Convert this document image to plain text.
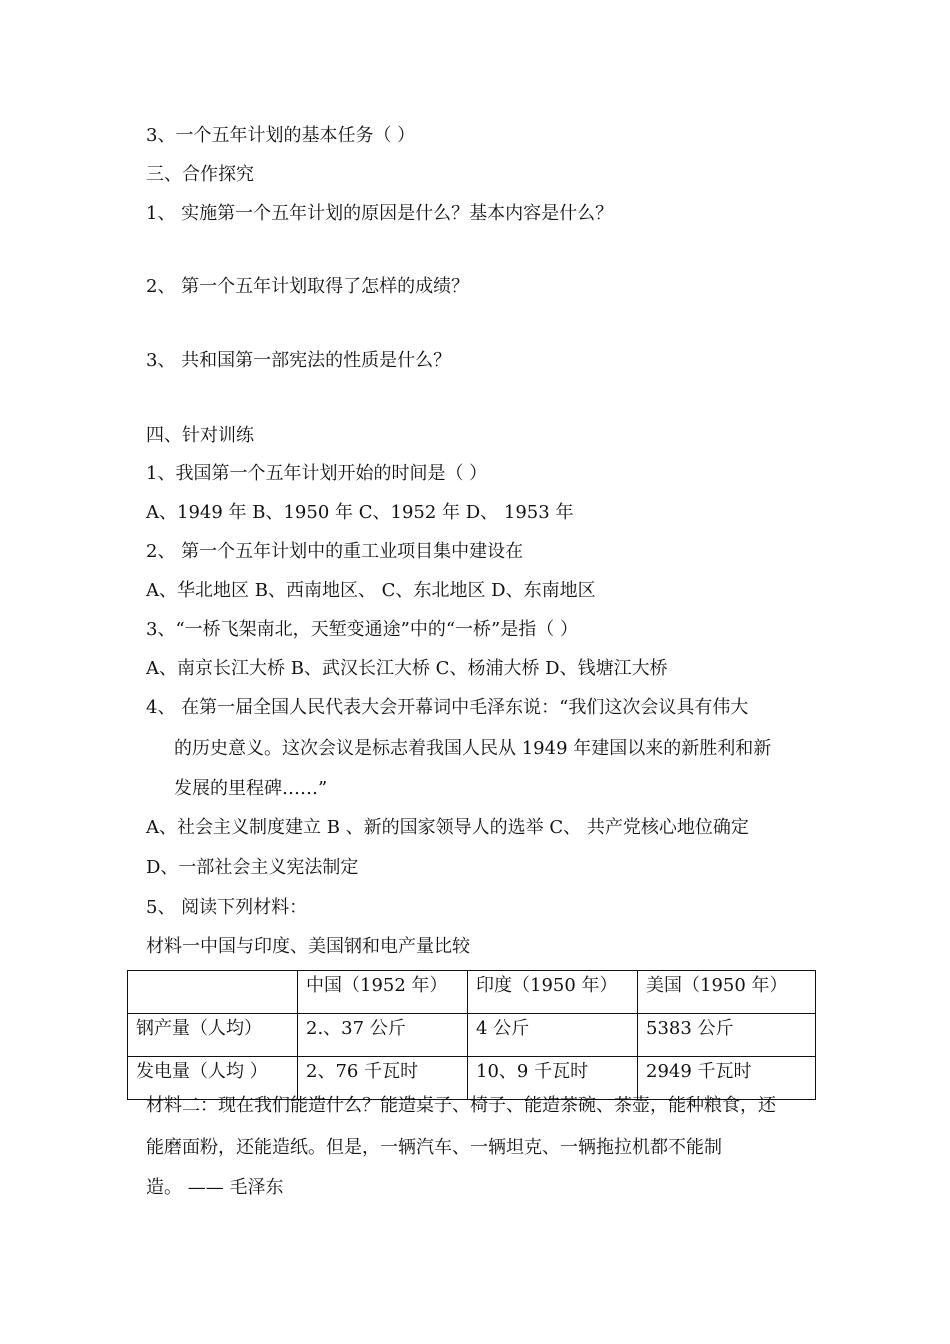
3、一个五年计划的基本任务（ ）
三、合作探究
1、 实施第一个五年计划的原因是什么？基本内容是什么？
2、 第一个五年计划取得了怎样的成绩？
3、 共和国第一部宪法的性质是什么？
四、针对训练
1、我国第一个五年计划开始的时间是（ ）
A、1949 年 B、1950 年 C、1952 年 D、 1953 年
2、 第一个五年计划中的重工业项目集中建设在
A、华北地区 B、西南地区、 C、东北地区 D、东南地区
3、“一桥飞架南北，天堑变通途”中的“一桥”是指（ ）
A、南京长江大桥 B、武汉长江大桥 C、杨浦大桥 D、钱塘江大桥
4、 在第一届全国人民代表大会开幕词中毛泽东说：“我们这次会议具有伟大
的历史意义。这次会议是标志着我国人民从 1949 年建国以来的新胜利和新
发展的里程碑……”
A、社会主义制度建立 B 、新的国家领导人的选举 C、 共产党核心地位确定
D、一部社会主义宪法制定
5、 阅读下列材料：
材料一中国与印度、美国钢和电产量比较
	中国（1952 年）	印度（1950 年）	美国（1950 年）
钢产量（人均）	2.、37 公斤	4 公斤	5383 公斤
发电量（人均 ）	2、76 千瓦时	10、9 千瓦时	2949 千瓦时
材料二：现在我们能造什么？能造桌子、椅子、能造茶碗、茶壶，能种粮食，还
能磨面粉，还能造纸。但是，一辆汽车、一辆坦克、一辆拖拉机都不能制
造。 —— 毛泽东
